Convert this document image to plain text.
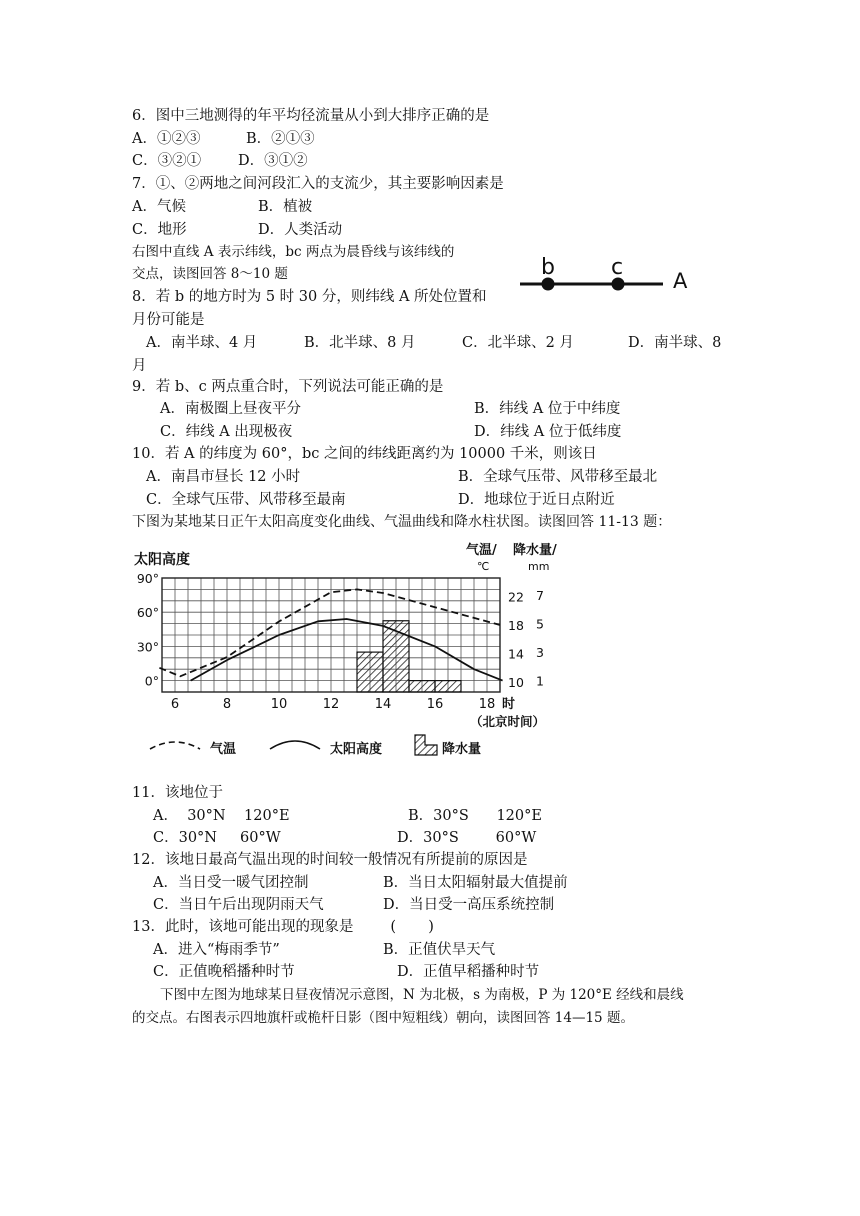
6．图中三地测得的年平均径流量从小到大排序正确的是
A．①②③	B．②①③
C．③②①	D．③①②
7．①、②两地之间河段汇入的支流少，其主要影响因素是
A．气候	B．植被
C．地形	D．人类活动
右图中直线 A 表示纬线，bc 两点为晨昏线与该纬线的
交点，读图回答 8～10 题	b	c
A
8．若 b 的地方时为 5 时 30 分，则纬线 A 所处位置和
月份可能是
A．南半球、4 月	B．北半球、8 月	C．北半球、2 月	D．南半球、8
月
9．若 b、c 两点重合时，下列说法可能正确的是
A．南极圈上昼夜平分	B．纬线 A 位于中纬度
C．纬线 A 出现极夜	D．纬线 A 位于低纬度
10．若 A 的纬度为 60°，bc 之间的纬线距离约为 10000 千米，则该日
A．南昌市昼长 12 小时	B．全球气压带、风带移至最北
C．全球气压带、风带移至最南	D．地球位于近日点附近
下图为某地某日正午太阳高度变化曲线、气温曲线和降水柱状图。读图回答 11-13 题：
6	8	10	12	14	16	18
90°
60°
30°
0°
22
18
14
10
7
5
3
1
太阳高度
气温/
℃
降水量/
mm
时
（北京时间）
气温	太阳高度	降水量
11．该地位于
A．  30°N    120°E	B．30°S      120°E
C．30°N     60°W	D．30°S        60°W
12．该地日最高气温出现的时间较一般情况有所提前的原因是
A．当日受一暖气团控制	B．当日太阳辐射最大值提前
C．当日午后出现阴雨天气	D．当日受一高压系统控制
13．此时，该地可能出现的现象是        (       )
A．进入“梅雨季节”	B．正值伏旱天气
C．正值晚稻播种时节	D．正值早稻播种时节
下图中左图为地球某日昼夜情况示意图，N 为北极，s 为南极，P 为 120°E 经线和晨线
的交点。右图表示四地旗杆或桅杆日影（图中短粗线）朝向，读图回答 14—15 题。
